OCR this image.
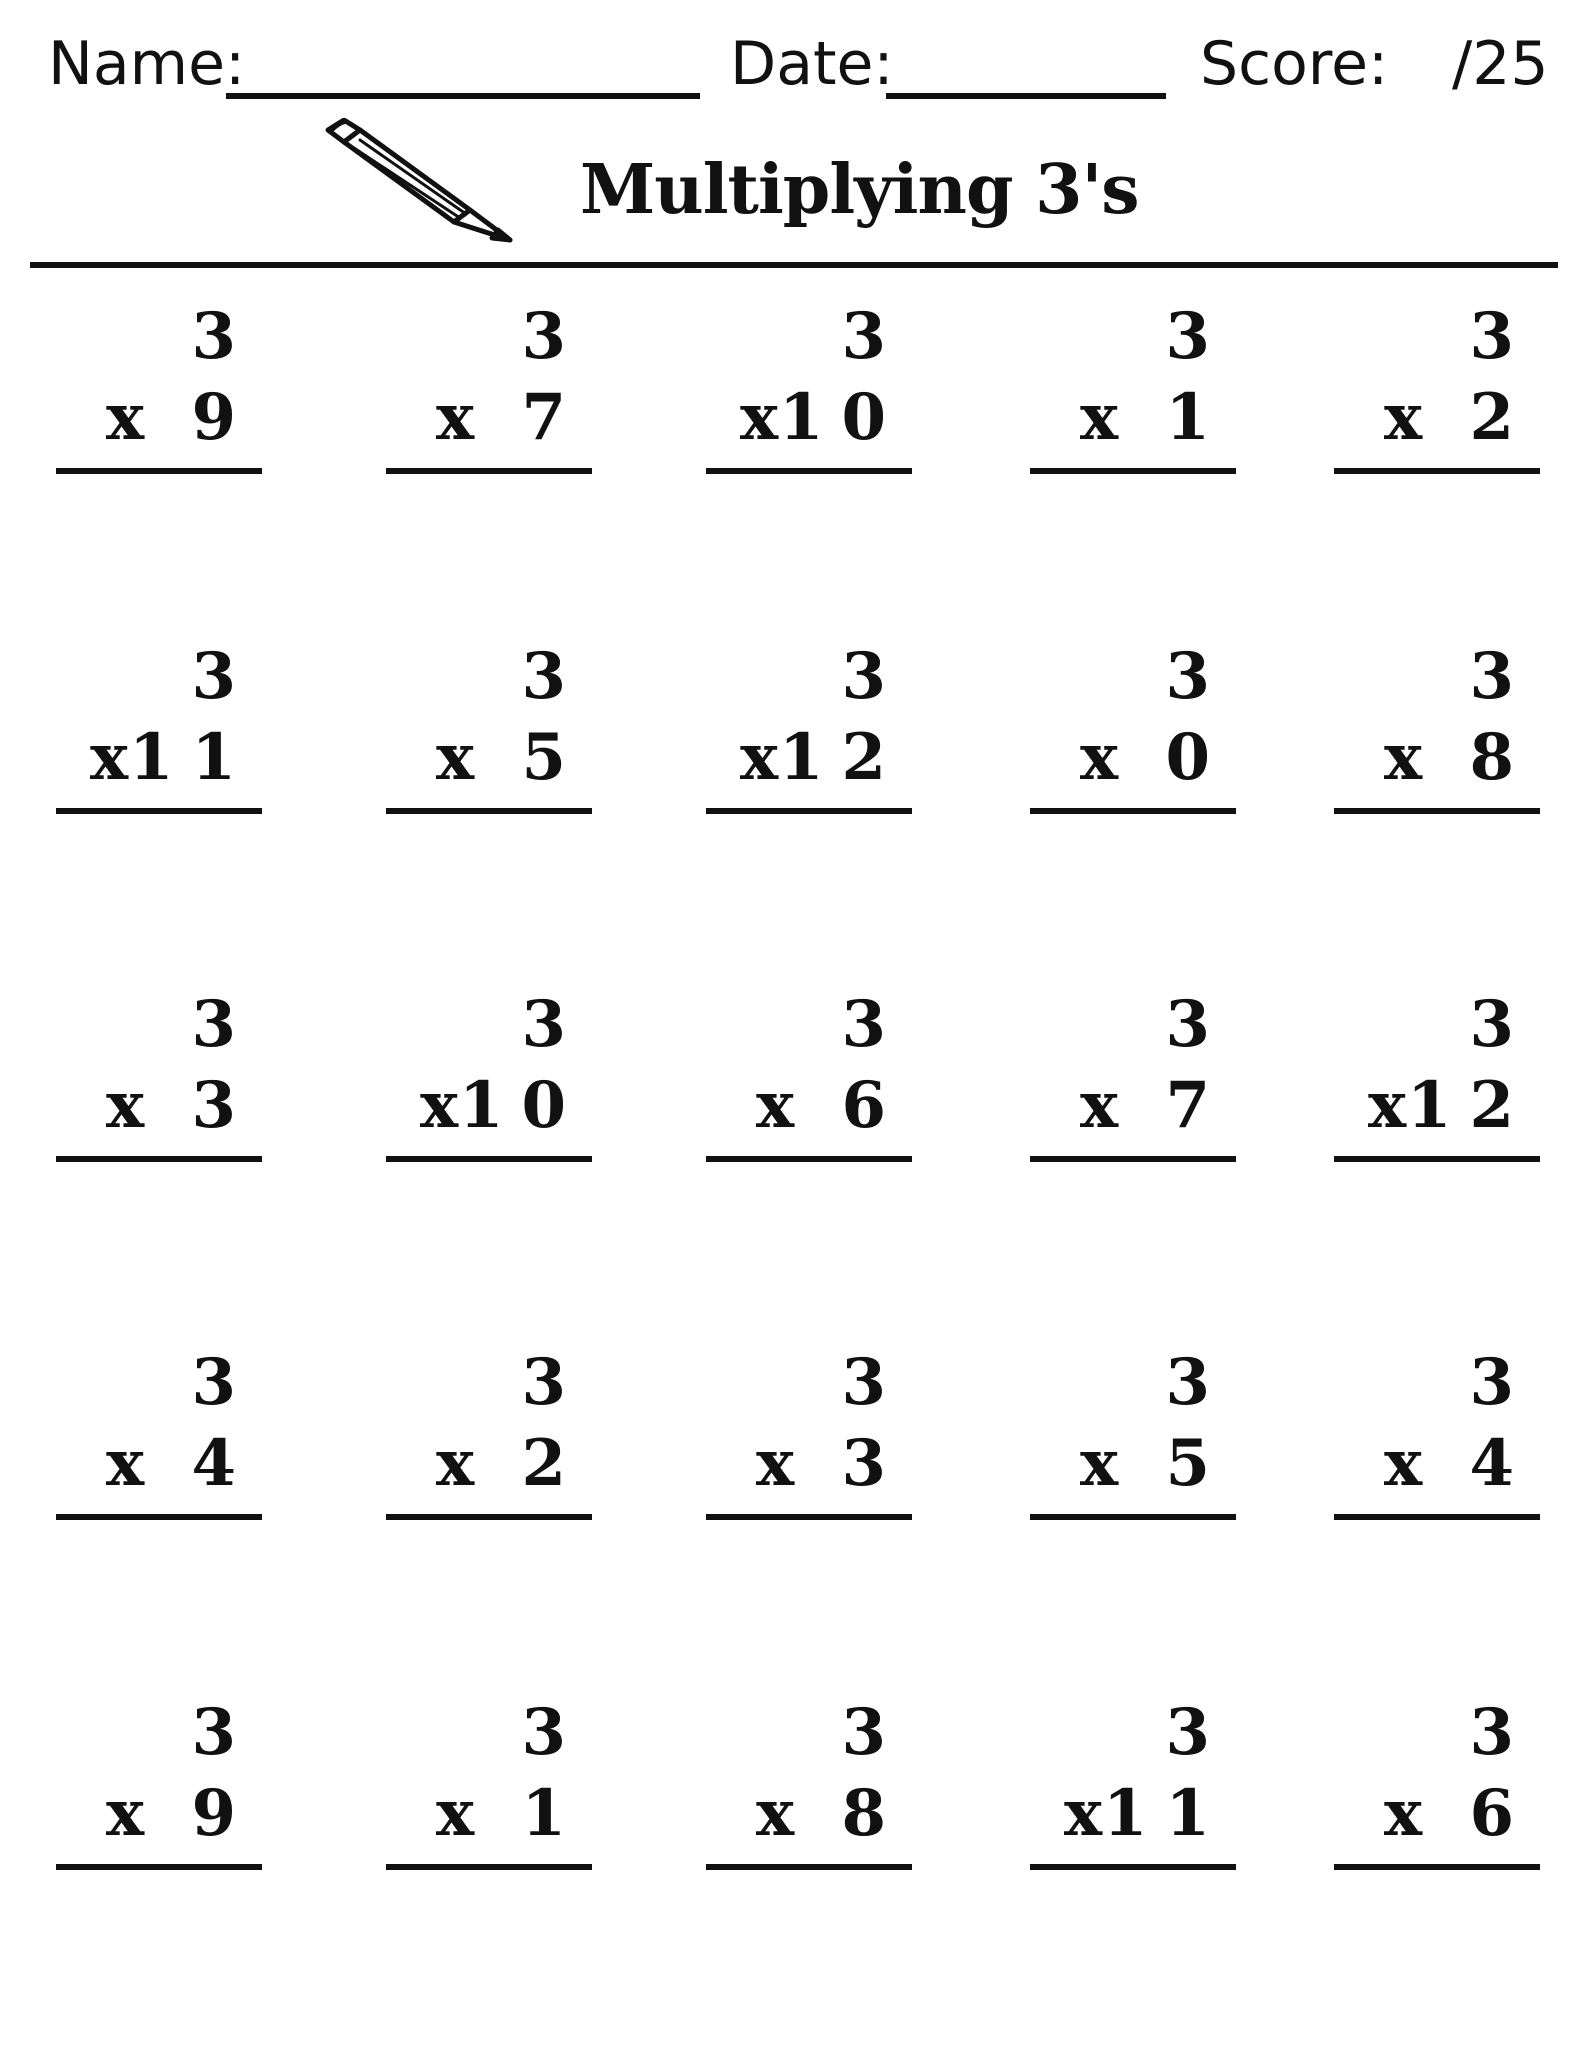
Name:	Date:	Score: /25
Multiplying 3's
3
x 9
3
x 7
3
x
10
3
x 1
3
x 2
3
x
11
3
x 5
3
x
12
3
x 0
3
x 8
3
x 3
3
x
10
3
x 6
3
x 7
3
x
12
3
x 4
3
x 2
3
x 3
3
x 5
3
x 4
3
x 9
3
x 1
3
x 8
3
x
11
3
x 6
